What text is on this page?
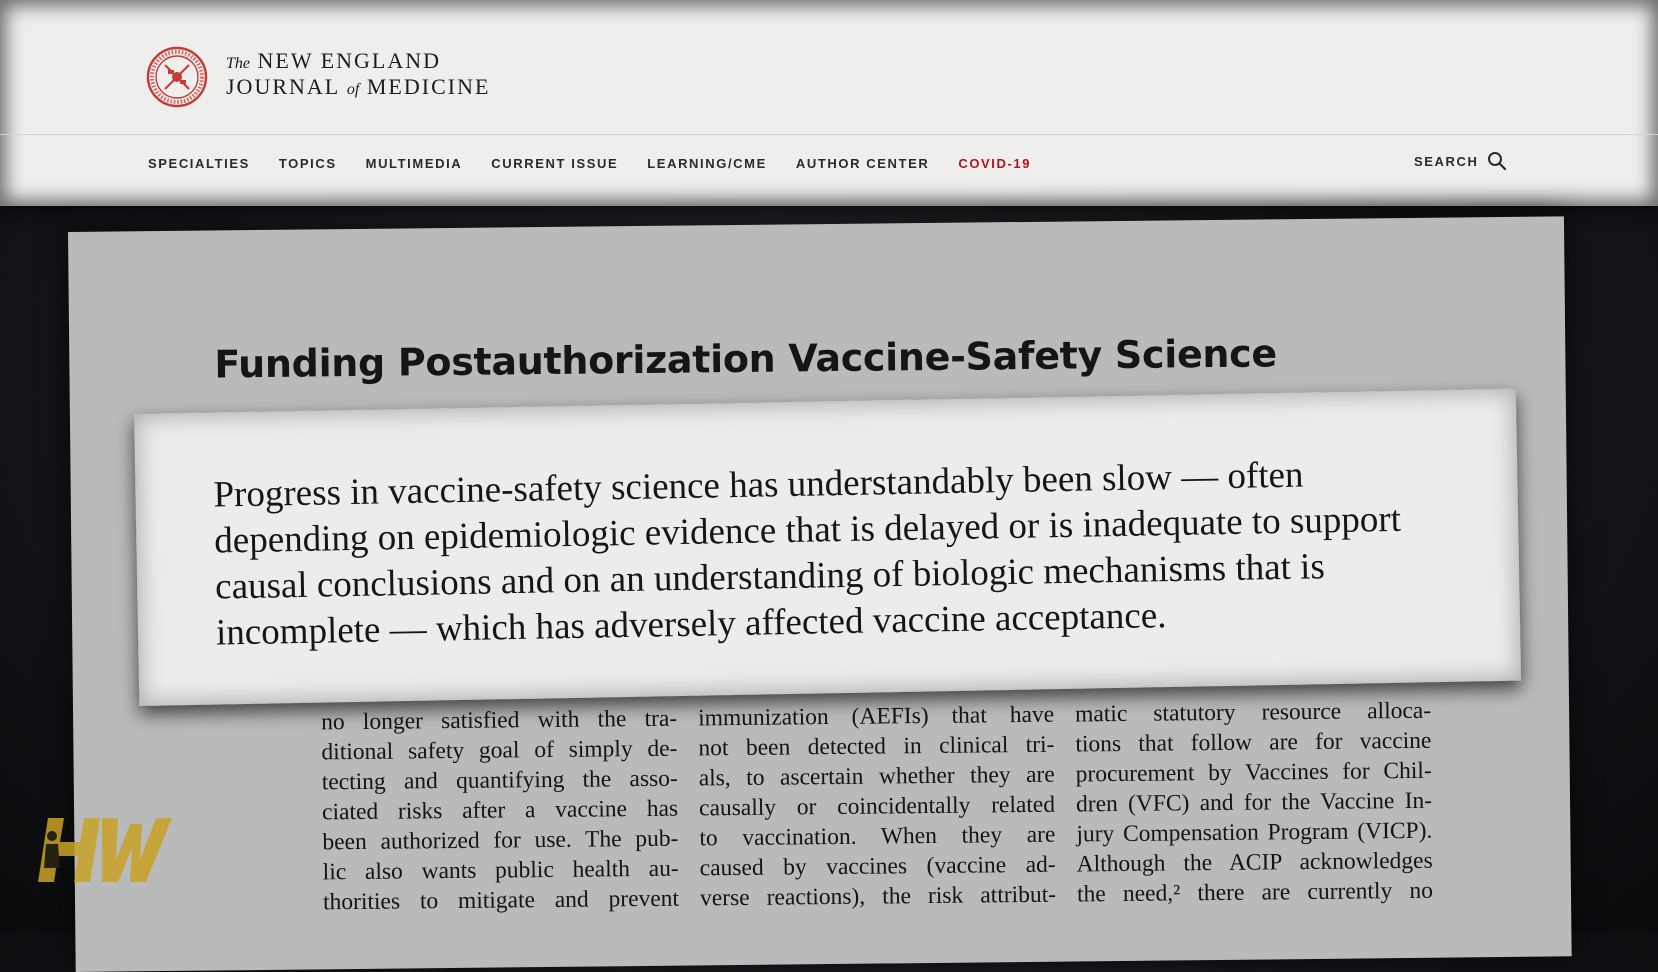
The NEW ENGLAND
JOURNAL of MEDICINE
SPECIALTIES TOPICS MULTIMEDIA CURRENT ISSUE LEARNING/CME AUTHOR CENTER COVID-19	SEARCH
Funding Postauthorization Vaccine-Safety Science
no longer satisfied with the tra-
ditional safety goal of simply de-
tecting and quantifying the asso-
ciated risks after a vaccine has
been authorized for use. The pub-
lic also wants public health au-
thorities to mitigate and prevent
immunization (AEFIs) that have
not been detected in clinical tri-
als, to ascertain whether they are
causally or coincidentally related
to vaccination. When they are
caused by vaccines (vaccine ad-
verse reactions), the risk attribut-
matic statutory resource alloca-
tions that follow are for vaccine
procurement by Vaccines for Chil-
dren (VFC) and for the Vaccine In-
jury Compensation Program (VICP).
Although the ACIP acknowledges
the need,² there are currently no
Progress in vaccine-safety science has understandably been slow — often
depending on epidemiologic evidence that is delayed or is inadequate to support
causal conclusions and on an understanding of biologic mechanisms that is
incomplete — which has adversely affected vaccine acceptance.
